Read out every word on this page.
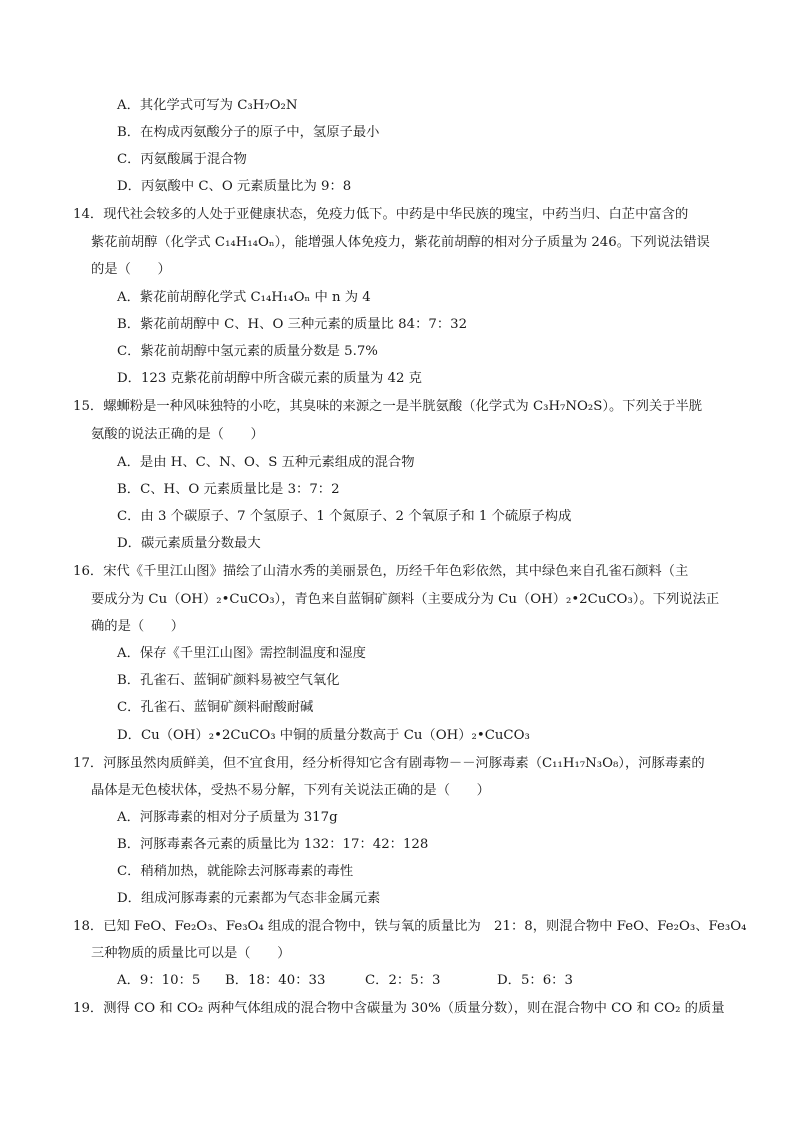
A．其化学式可写为 C₃H₇O₂N
B．在构成丙氨酸分子的原子中，氢原子最小
C．丙氨酸属于混合物
D．丙氨酸中 C、O 元素质量比为 9：8
14．现代社会较多的人处于亚健康状态，免疫力低下。中药是中华民族的瑰宝，中药当归、白芷中富含的
紫花前胡醇（化学式 C₁₄H₁₄Oₙ），能增强人体免疫力，紫花前胡醇的相对分子质量为 246。下列说法错误
的是（　　）
A．紫花前胡醇化学式 C₁₄H₁₄Oₙ 中 n 为 4
B．紫花前胡醇中 C、H、O 三种元素的质量比 84：7：32
C．紫花前胡醇中氢元素的质量分数是 5.7%
D．123 克紫花前胡醇中所含碳元素的质量为 42 克
15．螺蛳粉是一种风味独特的小吃，其臭味的来源之一是半胱氨酸（化学式为 C₃H₇NO₂S）。下列关于半胱
氨酸的说法正确的是（　　）
A．是由 H、C、N、O、S 五种元素组成的混合物
B．C、H、O 元素质量比是 3：7：2
C．由 3 个碳原子、7 个氢原子、1 个氮原子、2 个氧原子和 1 个硫原子构成
D．碳元素质量分数最大
16．宋代《千里江山图》描绘了山清水秀的美丽景色，历经千年色彩依然，其中绿色来自孔雀石颜料（主
要成分为 Cu（OH）₂•CuCO₃），青色来自蓝铜矿颜料（主要成分为 Cu（OH）₂•2CuCO₃）。下列说法正
确的是（　　）
A．保存《千里江山图》需控制温度和湿度
B．孔雀石、蓝铜矿颜料易被空气氧化
C．孔雀石、蓝铜矿颜料耐酸耐碱
D．Cu（OH）₂•2CuCO₃ 中铜的质量分数高于 Cu（OH）₂•CuCO₃
17．河豚虽然肉质鲜美，但不宜食用，经分析得知它含有剧毒物－－河豚毒素（C₁₁H₁₇N₃O₈），河豚毒素的
晶体是无色棱状体，受热不易分解，下列有关说法正确的是（　　）
A．河豚毒素的相对分子质量为 317g
B．河豚毒素各元素的质量比为 132：17：42：128
C．稍稍加热，就能除去河豚毒素的毒性
D．组成河豚毒素的元素都为气态非金属元素
18．已知 FeO、Fe₂O₃、Fe₃O₄ 组成的混合物中，铁与氧的质量比为　21：8，则混合物中 FeO、Fe₂O₃、Fe₃O₄
三种物质的质量比可以是（　　）
A．9：10：5 B．18：40：33	C．2：5：3	D．5：6：3
19．测得 CO 和 CO₂ 两种气体组成的混合物中含碳量为 30%（质量分数），则在混合物中 CO 和 CO₂ 的质量
